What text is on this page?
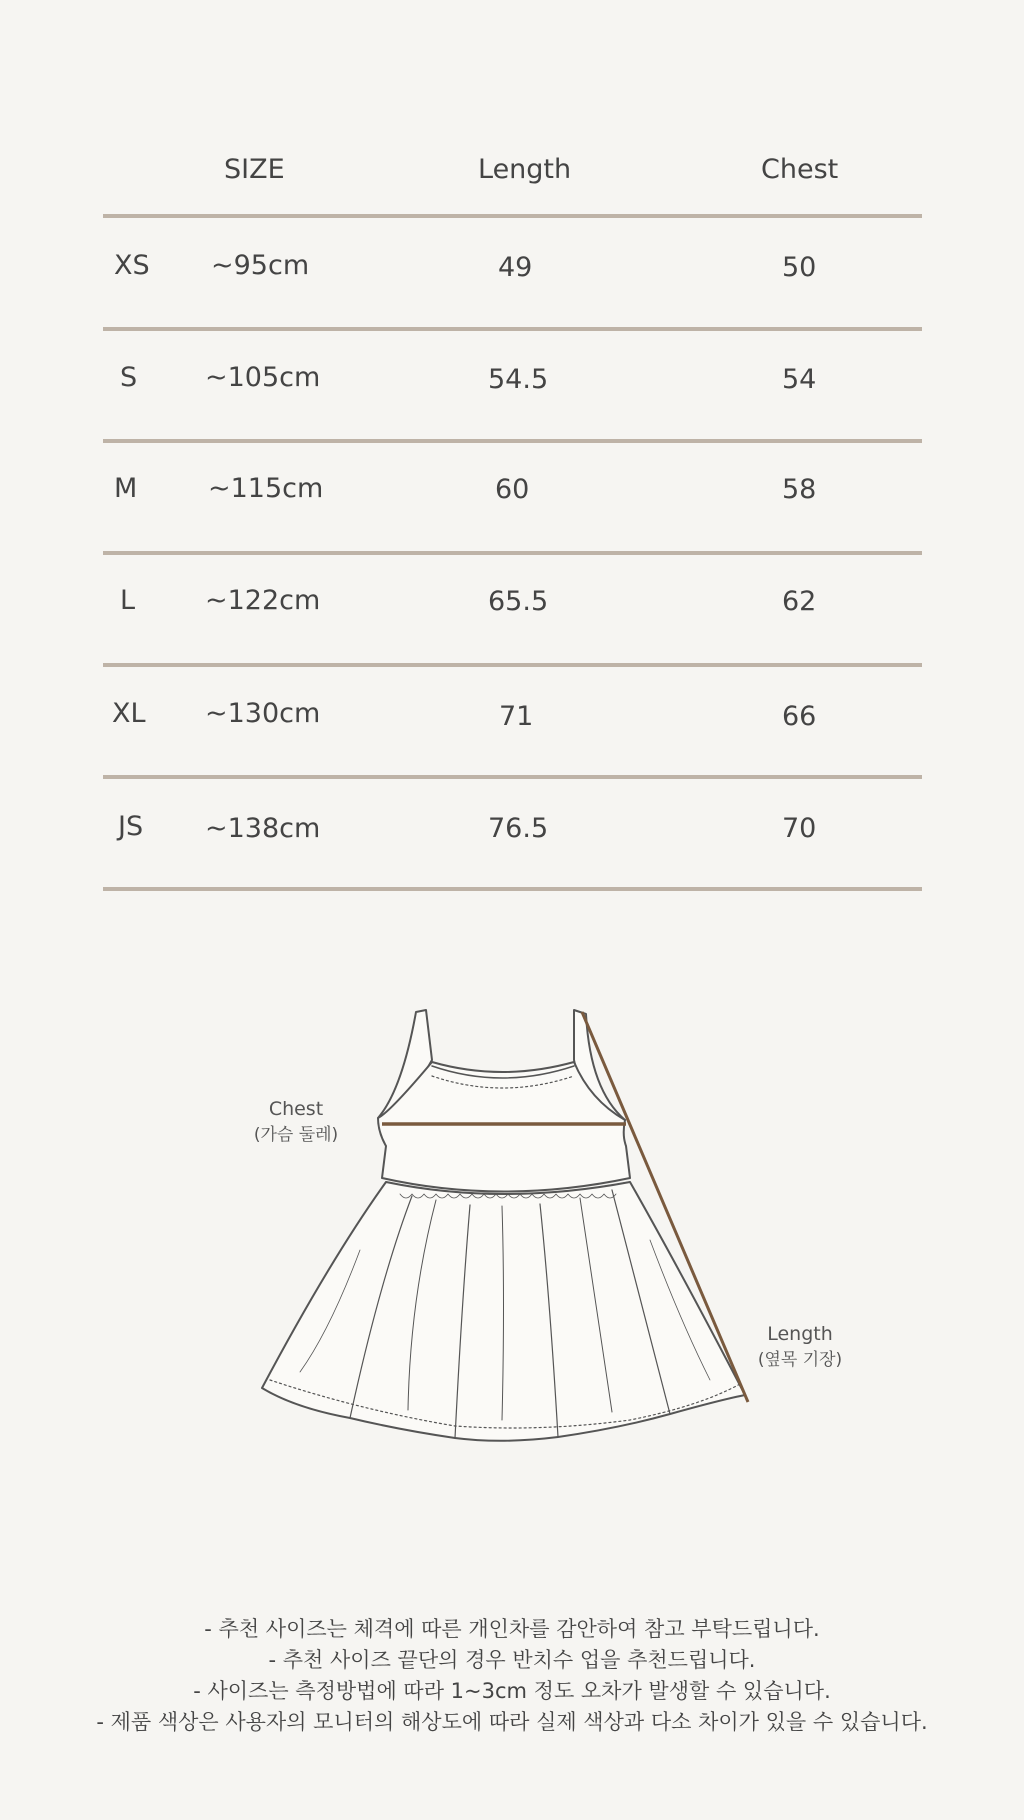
SIZE	Length	Chest
XS ~95cm	49	50
S	~105cm	54.5	54
M	~115cm	60	58
L	~122cm	65.5	62
XL ~130cm	71	66
JS ~138cm	76.5	70
Chest
(가슴 둘레)
Length
(옆목 기장)
- 추천 사이즈는 체격에 따른 개인차를 감안하여 참고 부탁드립니다.
- 추천 사이즈 끝단의 경우 반치수 업을 추천드립니다.
- 사이즈는 측정방법에 따라 1~3cm 정도 오차가 발생할 수 있습니다.
- 제품 색상은 사용자의 모니터의 해상도에 따라 실제 색상과 다소 차이가 있을 수 있습니다.
